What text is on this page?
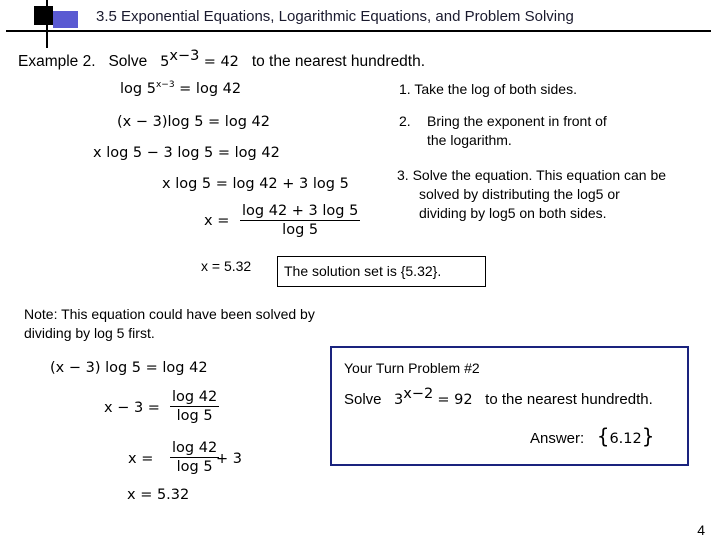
3.5 Exponential Equations, Logarithmic Equations, and Problem Solving
Example 2. Solve $5^{x-3} = 42$ to the nearest hundredth.
$\log 5^{x-3} = \log 42$
(x − 3)log 5 = log 42
x log 5 − 3 log 5 = log 42
x log 5 = log 42 + 3 log 5
$x = \frac{\log 42 + 3 \log 5}{\log 5}$
x = 5.32
1. Take the log of both sides.
2. Bring the exponent in front of
the logarithm.
3. Solve the equation. This equation can be
solved by distributing the log5 or
dividing by log5 on both sides.
The solution set is {5.32}.
Note: This equation could have been solved by
dividing by log 5 first.
(x − 3) log 5 = log 42
$x - 3 = \frac{\log 42}{\log 5}$
$x = \frac{\log 42}{\log 5}$
+ 3
x = 5.32
Your Turn Problem #2
Solve $3^{x-2} = 92$ to the nearest hundredth.
Answer: {6.12}
4
